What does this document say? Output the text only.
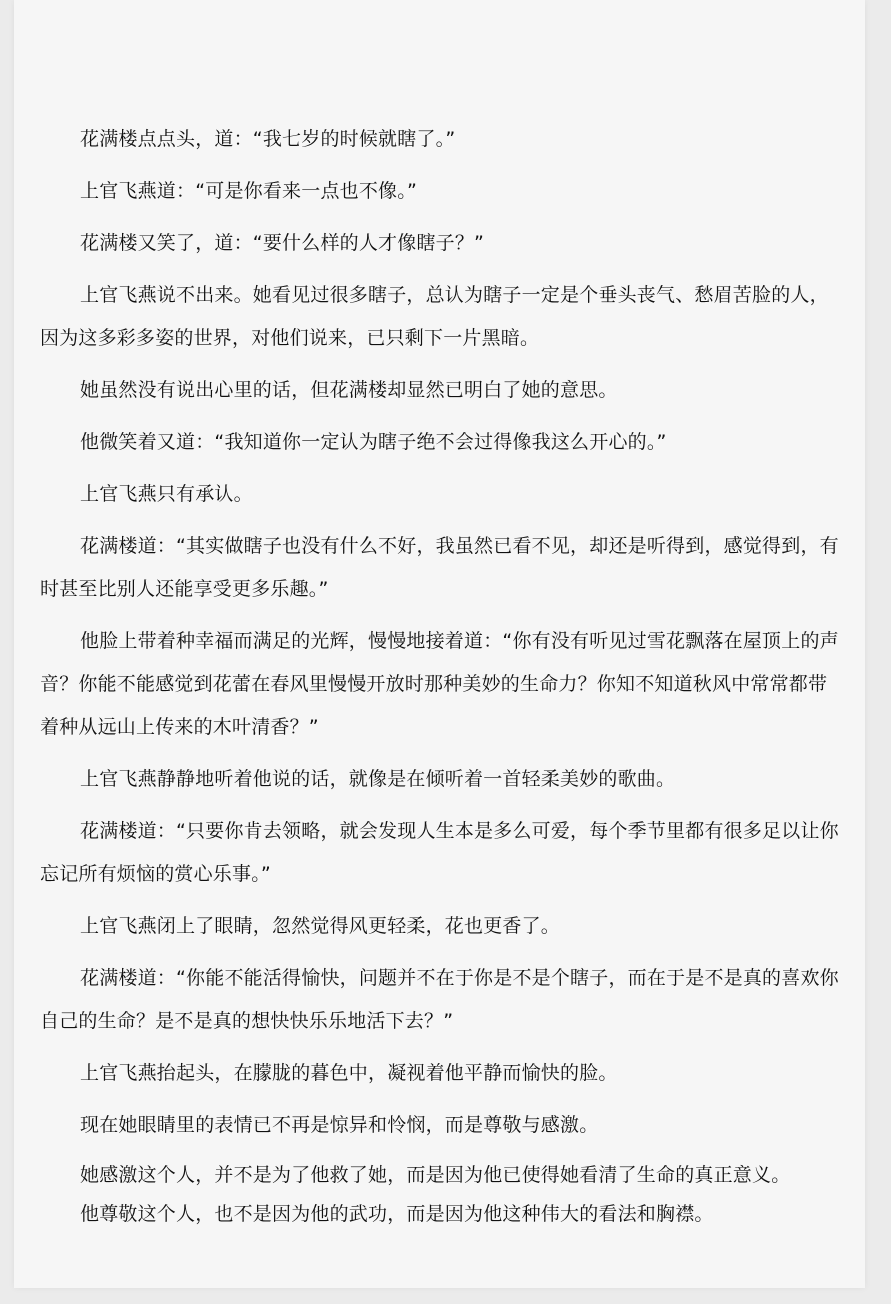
花满楼点点头，道：“我七岁的时候就瞎了。”

上官飞燕道：“可是你看来一点也不像。”

花满楼又笑了，道：“要什么样的人才像瞎子？”

上官飞燕说不出来。她看见过很多瞎子，总认为瞎子一定是个垂头丧气、愁眉苦脸的人，因为这多彩多姿的世界，对他们说来，已只剩下一片黑暗。

她虽然没有说出心里的话，但花满楼却显然已明白了她的意思。

他微笑着又道：“我知道你一定认为瞎子绝不会过得像我这么开心的。”

上官飞燕只有承认。

花满楼道：“其实做瞎子也没有什么不好，我虽然已看不见，却还是听得到，感觉得到，有时甚至比别人还能享受更多乐趣。”

他脸上带着种幸福而满足的光辉，慢慢地接着道：“你有没有听见过雪花飘落在屋顶上的声音？你能不能感觉到花蕾在春风里慢慢开放时那种美妙的生命力？你知不知道秋风中常常都带着种从远山上传来的木叶清香？”

上官飞燕静静地听着他说的话，就像是在倾听着一首轻柔美妙的歌曲。

花满楼道：“只要你肯去领略，就会发现人生本是多么可爱，每个季节里都有很多足以让你忘记所有烦恼的赏心乐事。”

上官飞燕闭上了眼睛，忽然觉得风更轻柔，花也更香了。

花满楼道：“你能不能活得愉快，问题并不在于你是不是个瞎子，而在于是不是真的喜欢你自己的生命？是不是真的想快快乐乐地活下去？”

上官飞燕抬起头，在朦胧的暮色中，凝视着他平静而愉快的脸。

现在她眼睛里的表情已不再是惊异和怜悯，而是尊敬与感激。

她感激这个人，并不是为了他救了她，而是因为他已使得她看清了生命的真正意义。

他尊敬这个人，也不是因为他的武功，而是因为他这种伟大的看法和胸襟。
